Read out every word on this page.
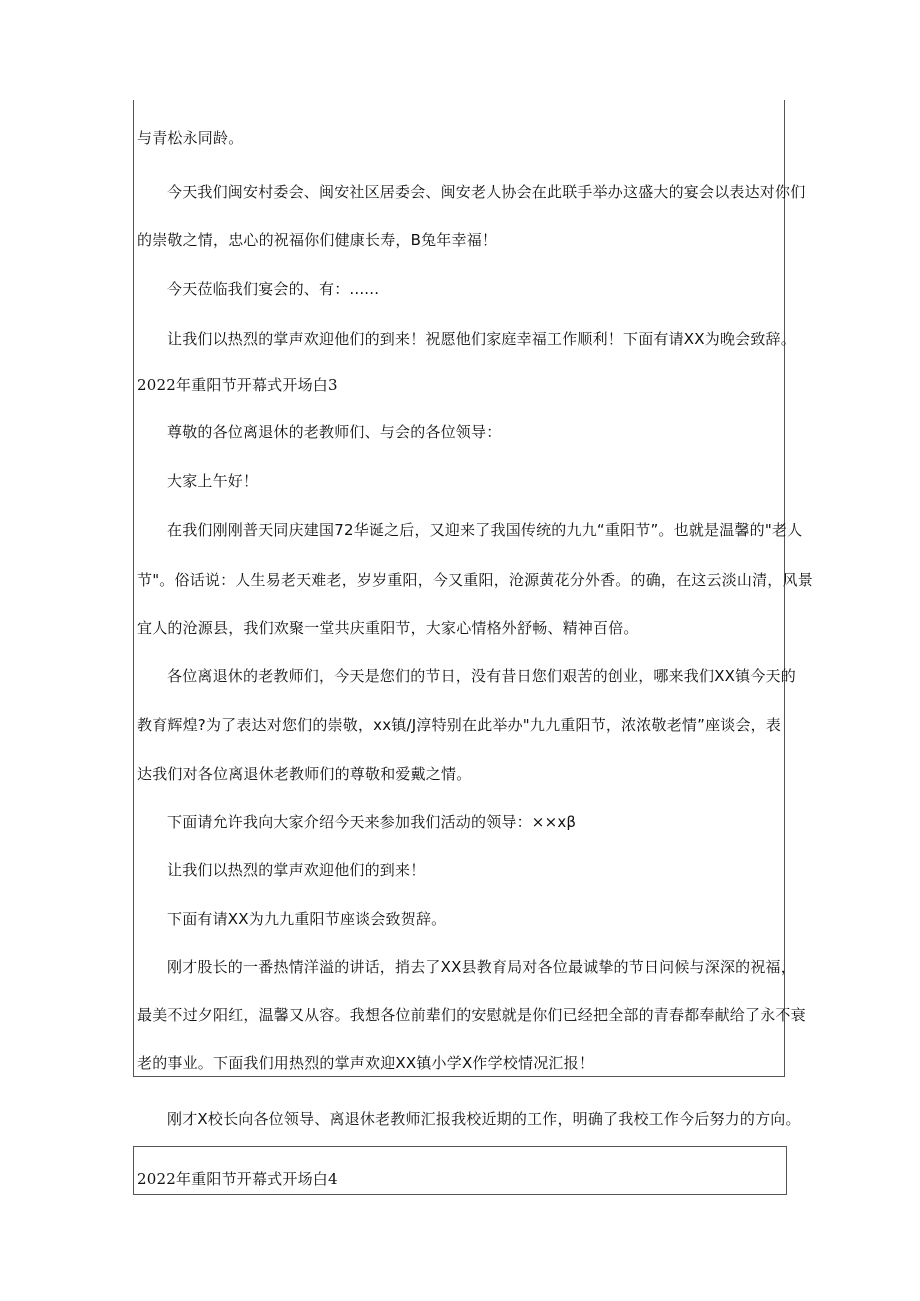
与青松永同龄。
今天我们闽安村委会、闽安社区居委会、闽安老人协会在此联手举办这盛大的宴会以表达对你们
的崇敬之情，忠心的祝福你们健康长寿，B兔年幸福！
今天莅临我们宴会的、有：......
让我们以热烈的掌声欢迎他们的到来！祝愿他们家庭幸福工作顺利！下面有请XX为晚会致辞。
2022年重阳节开幕式开场白3
尊敬的各位离退休的老教师们、与会的各位领导：
大家上午好！
在我们刚刚普天同庆建国72华诞之后，又迎来了我国传统的九九“重阳节”。也就是温馨的"老人
节"。俗话说：人生易老天难老，岁岁重阳，今又重阳，沧源黄花分外香。的确，在这云淡山清，风景
宜人的沧源县，我们欢聚一堂共庆重阳节，大家心情格外舒畅、精神百倍。
各位离退休的老教师们，今天是您们的节日，没有昔日您们艰苦的创业，哪来我们XX镇今天的
教育辉煌?为了表达对您们的崇敬，xx镇/J淳特别在此举办"九九重阳节，浓浓敬老情”座谈会，表
达我们对各位离退休老教师们的尊敬和爱戴之情。
下面请允许我向大家介绍今天来参加我们活动的领导：××xβ
让我们以热烈的掌声欢迎他们的到来！
下面有请XX为九九重阳节座谈会致贺辞。
刚才股长的一番热情洋溢的讲话，捎去了XX县教育局对各位最诚挚的节日问候与深深的祝福，
最美不过夕阳红，温馨又从容。我想各位前辈们的安慰就是你们已经把全部的青春都奉献给了永不衰
老的事业。下面我们用热烈的掌声欢迎XX镇小学X作学校情况汇报！
刚才X校长向各位领导、离退休老教师汇报我校近期的工作，明确了我校工作今后努力的方向。
2022年重阳节开幕式开场白4
